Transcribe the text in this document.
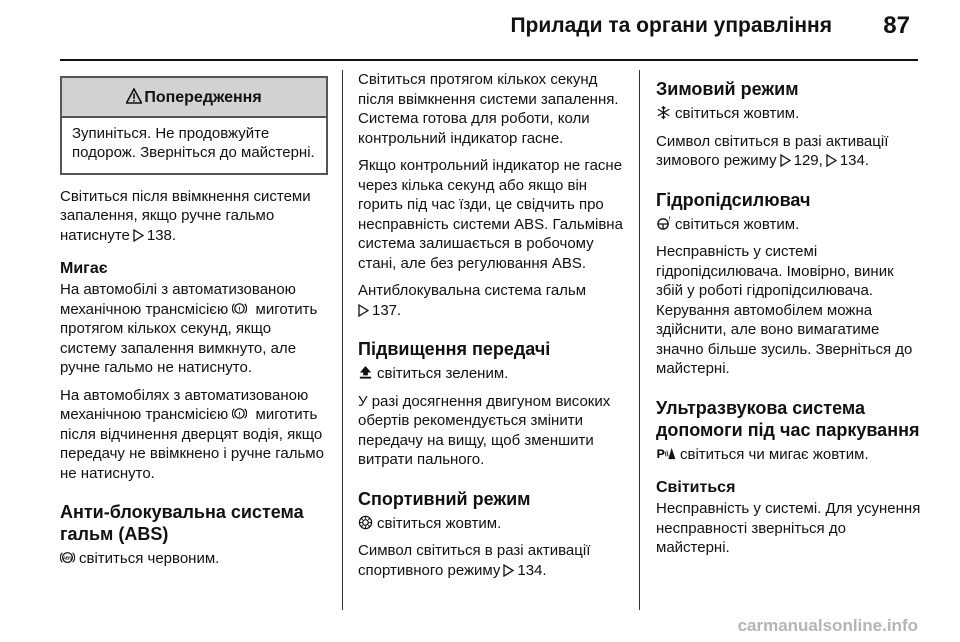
Прилади та органи управління 87
Попередження
Зупиніться. Не продовжуйте подорож. Зверніться до майстерні.

Світиться після ввімкнення системи запалення, якщо ручне гальмо натиснуте 138.

Мигає

На автомобілі з автоматизованою механічною трансмісією ! миготить протягом кількох секунд, якщо систему запалення вимкнуто, але ручне гальмо не натиснуто.

На автомобілях з автоматизованою механічною трансмісією ! миготить після відчинення дверцят водія, якщо передачу не ввімкнено і ручне гальмо не натиснуто.

Анти-блокувальна система гальм (ABS)

ABS світиться червоним.

Світиться протягом кількох секунд після ввімкнення системи запалення. Система готова для роботи, коли контрольний індикатор гасне.

Якщо контрольний індикатор не гасне через кілька секунд або якщо він горить під час їзди, це свідчить про несправність системи ABS. Гальмівна система залишається в робочому стані, але без регулювання ABS.

Антиблокувальна система гальм
137.

Підвищення передачі

світиться зеленим.

У разі досягнення двигуном високих обертів рекомендується змінити передачу на вищу, щоб зменшити витрати пального.

Спортивний режим

світиться жовтим.

Символ світиться в разі активації спортивного режиму 134.

Зимовий режим

світиться жовтим.

Символ світиться в разі активації зимового режиму 129, 134.

Гідропідсилювач

! світиться жовтим.

Несправність у системі гідропідсилювача. Імовірно, виник збій у роботі гідропідсилювача. Керування автомобілем можна здійснити, але воно вимагатиме значно більше зусиль. Зверніться до майстерні.

Ультразвукова система допомоги під час паркування

P світиться чи мигає жовтим.

Світиться

Несправність у системі. Для усунення несправності зверніться до майстерні.

carmanualsonline.info
